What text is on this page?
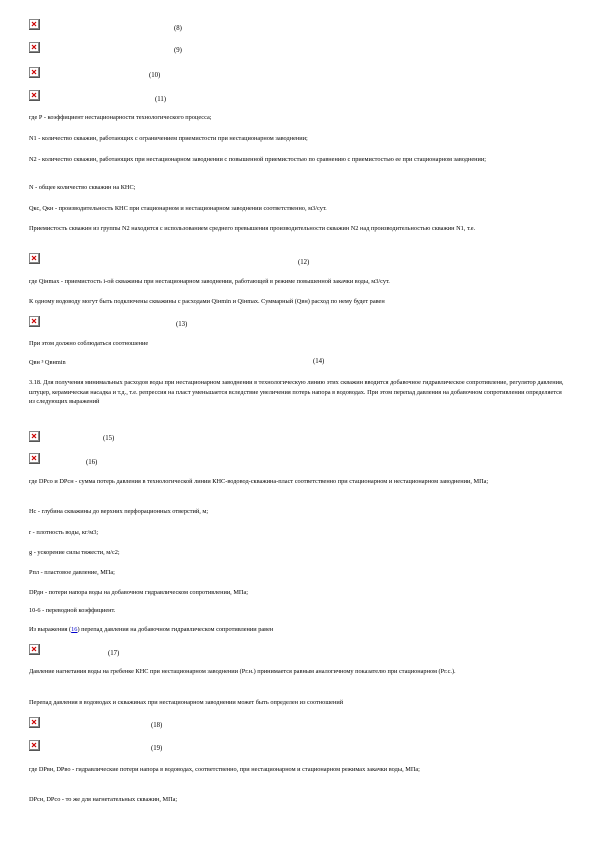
(8)
(9)
(10)
(11)
где Р - коэффициент нестационарности технологического процесса;
N1 - количество скважин, работающих с ограничением приемистости при нестационарном заводнении;
N2 - количество скважин, работающих при нестационарном заводнении с повышенной приемистостью по сравнению с приемистостью ее при стационарном заводнении;
N - общее количество скважин на КНС;
Qкс, Qкн - производительность КНС при стационарном и нестационарном заводнении соответственно, м3/сут.
Приемистость скважин из группы N2 находится с использованием среднего превышения производительности скважин N2 над производительностью скважин N1, т.е.
(12)
где Qiнmax - приемистость i-ой скважины при нестационарном заводнении, работающей в режиме повышенной закачки воды, м3/сут.
К одному водоводу могут быть подключены скважины с расходами Qiнmin и Qiнmax. Суммарный (Qвн) расход по нему будет равен
(13)
При этом должно соблюдаться соотношение
Qвн ³ Qвнmin	(14)
3.18. Для получения минимальных расходов воды при нестационарном заводнении в технологическую линию этих скважин вводится добавочное гидравлическое сопротивление, регулятор давления, штуцер, керамическая насадка и т.д., т.е. репрессия на пласт уменьшается вследствие увеличения потерь напора в водоводах. При этом перепад давления на добавочном сопротивлении определяется из следующих выражений
(15)
(16)
где DРсо и DРсн - сумма потерь давления в технологической линии КНС-водовод-скважина-пласт соответственно при стационарном и нестационарном заводнении, МПа;
Нс - глубина скважины до верхних перфорационных отверстий, м;
r - плотность воды, кг/м3;
g - ускорение силы тяжести, м/с2;
Рпл - пластовое давление, МПа;
DРдн - потери напора воды на добавочном гидравлическом сопротивлении, МПа;
10-6 - переводной коэффициент.
Из выражения (16) перепад давления на добавочном гидравлическом сопротивлении равен
(17)
Давление нагнетания воды на гребенке КНС при нестационарном заводнении (Рг.н.) принимается равным аналогичному показателю при стационарном (Рг.с.).
Перепад давления в водоводах и скважинах при нестационарном заводнении может быть определен из соотношений
(18)
(19)
где DРвн, DРво - гидравлические потери напора в водоводах, соответственно, при нестационарном и стационарном режимах закачки воды, МПа;
DРсн, DРсо - то же для нагнетательных скважин, МПа;
